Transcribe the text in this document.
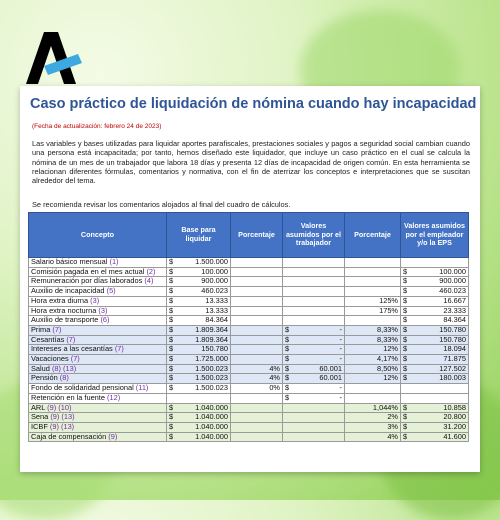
Caso práctico de liquidación de nómina cuando hay incapacidad
(Fecha de actualización: febrero 24 de 2023)

Las variables y bases utilizadas para liquidar aportes parafiscales, prestaciones sociales y pagos a seguridad social cambian cuando una persona está incapacitada; por tanto, hemos diseñado este liquidador, que incluye un caso práctico en el cual se calcula la nómina de un mes de un trabajador que labora 18 días y presenta 12 días de incapacidad de origen común. En esta herramienta se relacionan diferentes fórmulas, comentarios y normativa, con el fin de aterrizar los conceptos e interpretaciones que se suscitan alrededor del tema.

Se recomienda revisar los comentarios alojados al final del cuadro de cálculos.
Concepto	Base para liquidar	Porcentaje	Valores asumidos por el trabajador	Porcentaje	Valores asumidos por el empleador y/o la EPS
Salario básico mensual (1)	$ 1.500.000				

Comisión pagada en el mes actual (2)	$ 100.000				$ 100.000

Remuneración por días laborados (4)	$ 900.000				$ 900.000

Auxilio de incapacidad (5)	$ 460.023				$ 460.023

Hora extra diurna (3)	$ 13.333			125%	$ 16.667

Hora extra nocturna (3)	$ 13.333			175%	$ 23.333

Auxilio de transporte (6)	$ 84.364				$ 84.364

Prima (7)	$ 1.809.364		$ -	8,33%	$ 150.780

Cesantías (7)	$ 1.809.364		$ -	8,33%	$ 150.780

Intereses a las cesantías (7)	$ 150.780		$ -	12%	$ 18.094

Vacaciones (7)	$ 1.725.000		$ -	4,17%	$ 71.875

Salud (8) (13)	$ 1.500.023	4%	$ 60.001	8,50%	$ 127.502

Pensión (8)	$ 1.500.023	4%	$ 60.001	12%	$ 180.003

Fondo de solidaridad pensional (11)	$ 1.500.023	0%	$ -		

Retención en la fuente (12)			$ -		

ARL (9) (10)	$ 1.040.000			1,044%	$ 10.858

Sena (9) (13)	$ 1.040.000			2%	$ 20.800

ICBF (9) (13)	$ 1.040.000			3%	$ 31.200

Caja de compensación (9)	$ 1.040.000			4%	$ 41.600
